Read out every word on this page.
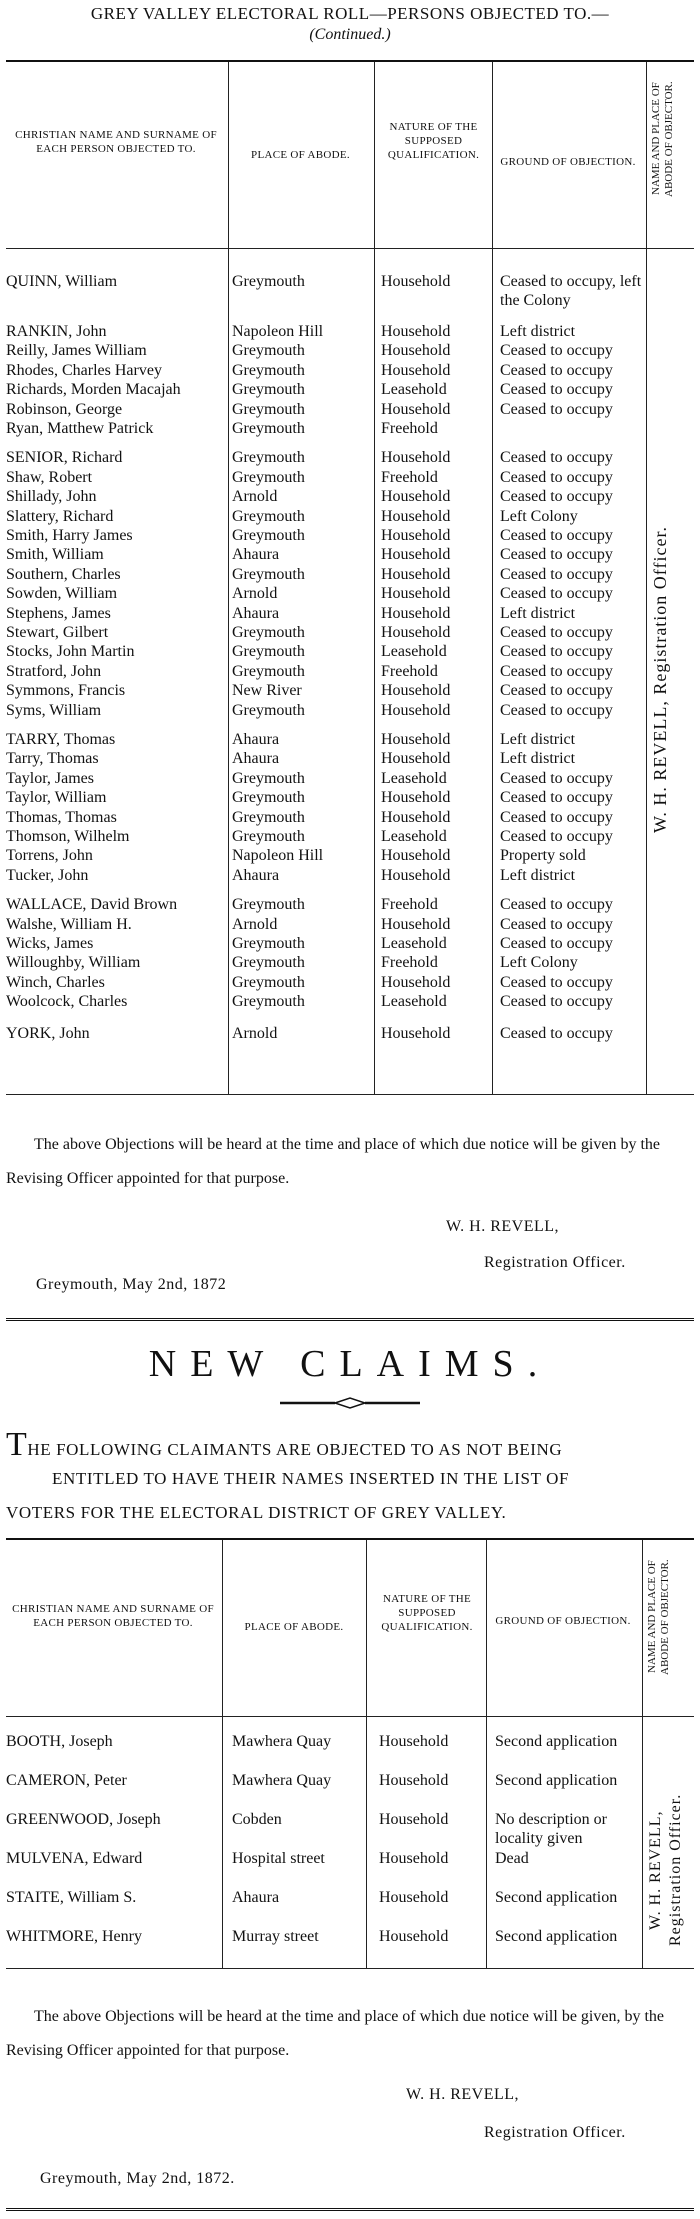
GREY VALLEY ELECTORAL ROLL—PERSONS OBJECTED TO.—
(Continued.)
CHRISTIAN NAME AND SURNAME OF EACH PERSON OBJECTED TO.	PLACE OF ABODE.
NATURE OF THE SUPPOSED QUALIFICATION.
GROUND OF OBJECTION.	NAME AND PLACE OF ABODE OF OBJECTOR.
QUINN, William	Greymouth	Household	Ceased to occupy, left the Colony
RANKIN, John	Napoleon Hill	Household	Left district
Reilly, James William	Greymouth	Household	Ceased to occupy
Rhodes, Charles Harvey	Greymouth	Household	Ceased to occupy
Richards, Morden Macajah	Greymouth	Leasehold	Ceased to occupy
Robinson, George	Greymouth	Household	Ceased to occupy
Ryan, Matthew Patrick	Greymouth	Freehold
SENIOR, Richard	Greymouth	Household	Ceased to occupy
Shaw, Robert	Greymouth	Freehold	Ceased to occupy
Shillady, John	Arnold	Household	Ceased to occupy
Slattery, Richard	Greymouth	Household	Left Colony
Smith, Harry James	Greymouth	Household	Ceased to occupy
Smith, William	Ahaura	Household	Ceased to occupy
Southern, Charles	Greymouth	Household	Ceased to occupy
Sowden, William	Arnold	Household	Ceased to occupy
Stephens, James	Ahaura	Household	Left district
Stewart, Gilbert	Greymouth	Household	Ceased to occupy
Stocks, John Martin	Greymouth	Leasehold	Ceased to occupy
Stratford, John	Greymouth	Freehold	Ceased to occupy
Symmons, Francis	New River	Household	Ceased to occupy
Syms, William	Greymouth	Household	Ceased to occupy
TARRY, Thomas	Ahaura	Household	Left district
Tarry, Thomas	Ahaura	Household	Left district
Taylor, James	Greymouth	Leasehold	Ceased to occupy
Taylor, William	Greymouth	Household	Ceased to occupy
Thomas, Thomas	Greymouth	Household	Ceased to occupy
Thomson, Wilhelm	Greymouth	Leasehold	Ceased to occupy
Torrens, John	Napoleon Hill	Household	Property sold
Tucker, John	Ahaura	Household	Left district
WALLACE, David Brown	Greymouth	Freehold	Ceased to occupy
Walshe, William H.	Arnold	Household	Ceased to occupy
Wicks, James	Greymouth	Leasehold	Ceased to occupy
Willoughby, William	Greymouth	Freehold	Left Colony
Winch, Charles	Greymouth	Household	Ceased to occupy
Woolcock, Charles	Greymouth	Leasehold	Ceased to occupy
YORK, John	Arnold	Household	Ceased to occupy
W. H. REVELL, Registration Officer.
The above Objections will be heard at the time and place of which due notice will be given by the Revising Officer appointed for that purpose.
W. H. REVELL,
Registration Officer.
Greymouth, May 2nd, 1872
NEW CLAIMS.
THE FOLLOWING CLAIMANTS ARE OBJECTED TO AS NOT BEING
ENTITLED TO HAVE THEIR NAMES INSERTED IN THE LIST OF
VOTERS FOR THE ELECTORAL DISTRICT OF GREY VALLEY.
CHRISTIAN NAME AND SURNAME OF EACH PERSON OBJECTED TO.	PLACE OF ABODE.
NATURE OF THE SUPPOSED QUALIFICATION.	GROUND OF OBJECTION.	NAME AND PLACE OF ABODE OF OBJECTOR.
BOOTH, Joseph	Mawhera Quay	Household	Second application
CAMERON, Peter	Mawhera Quay	Household	Second application
GREENWOOD, Joseph	Cobden	Household	No description or locality given
MULVENA, Edward	Hospital street	Household	Dead
STAITE, William S.	Ahaura	Household	Second application
WHITMORE, Henry	Murray street	Household	Second application
W. H. REVELL, Registration Officer.
The above Objections will be heard at the time and place of which due notice will be given, by the Revising Officer appointed for that purpose.
W. H. REVELL,
Registration Officer.
Greymouth, May 2nd, 1872.
